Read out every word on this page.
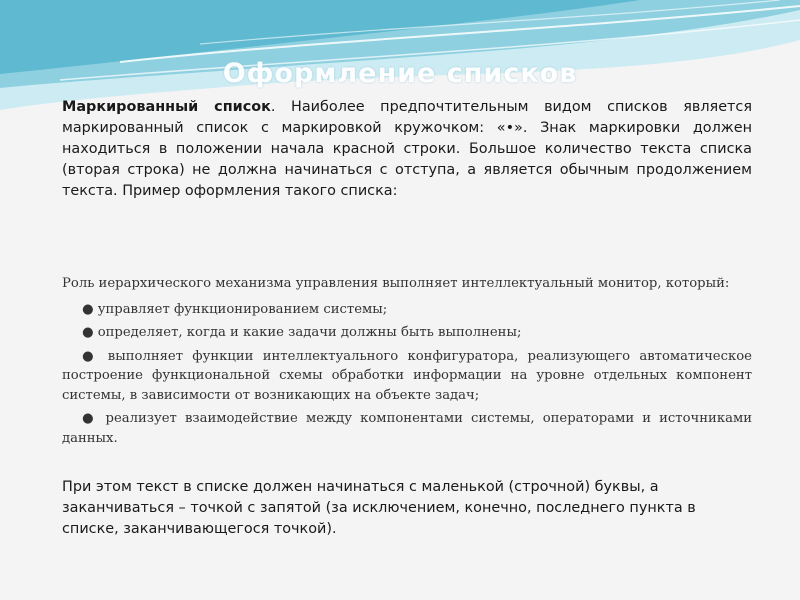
Оформление списков

Маркированный список. Наиболее предпочтительным видом списков является маркированный список с маркировкой кружочком: «•». Знак маркировки должен находиться в положении начала красной строки. Большое количество текста списка (вторая строка) не должна начинаться с отступа, а является обычным продолжением текста. Пример оформления такого списка:

Роль иерархического механизма управления выполняет интеллектуальный монитор, который:

● управляет функционированием системы;

● определяет, когда и какие задачи должны быть выполнены;

● выполняет функции интеллектуального конфигуратора, реализующего автоматическое построение функциональной схемы обработки информации на уровне отдельных компонент системы, в зависимости от возникающих на объекте задач;

● реализует взаимодействие между компонентами системы, операторами и источниками данных.

При этом текст в списке должен начинаться с маленькой (строчной) буквы, а заканчиваться – точкой с запятой (за исключением, конечно, последнего пункта в списке, заканчивающегося точкой).
